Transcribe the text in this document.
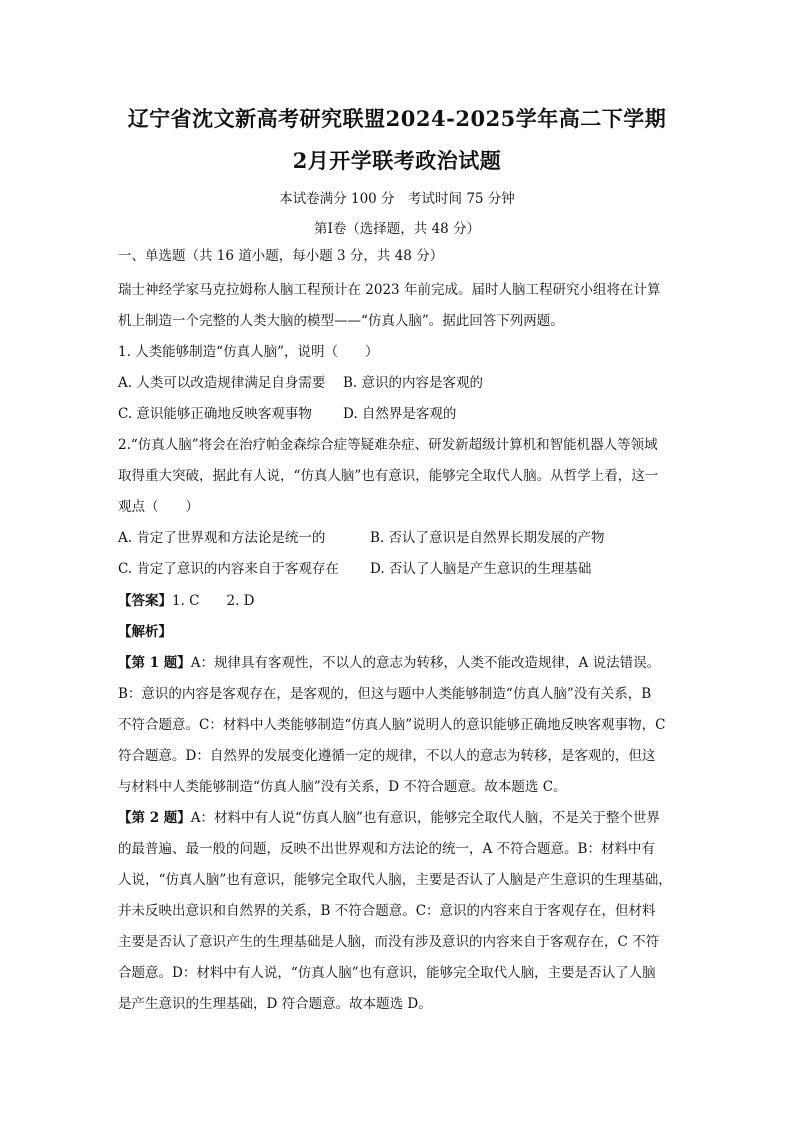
辽宁省沈文新高考研究联盟2024-2025学年高二下学期
2月开学联考政治试题
本试卷满分 100 分　考试时间 75 分钟
第Ⅰ卷（选择题，共 48 分）
一、单选题（共 16 道小题，每小题 3 分，共 48 分）
瑞士神经学家马克拉姆称人脑工程预计在 2023 年前完成。届时人脑工程研究小组将在计算
机上制造一个完整的人类大脑的模型——“仿真人脑”。据此回答下列两题。
1. 人类能够制造“仿真人脑”，说明（　　）
A. 人类可以改造规律满足自身需要 B. 意识的内容是客观的
C. 意识能够正确地反映客观事物 D. 自然界是客观的
2.“仿真人脑”将会在治疗帕金森综合症等疑难杂症、研发新超级计算机和智能机器人等领域
取得重大突破，据此有人说，“仿真人脑”也有意识，能够完全取代人脑。从哲学上看，这一
观点（　　）
A. 肯定了世界观和方法论是统一的	B. 否认了意识是自然界长期发展的产物
C. 肯定了意识的内容来自于客观存在 D. 否认了人脑是产生意识的生理基础
【答案】1. C　　2. D
【解析】
【第 1 题】A：规律具有客观性，不以人的意志为转移，人类不能改造规律，A 说法错误。
B：意识的内容是客观存在，是客观的，但这与题中人类能够制造“仿真人脑”没有关系，B
不符合题意。C：材料中人类能够制造“仿真人脑”说明人的意识能够正确地反映客观事物，C
符合题意。D：自然界的发展变化遵循一定的规律，不以人的意志为转移，是客观的，但这
与材料中人类能够制造“仿真人脑”没有关系，D 不符合题意。故本题选 C。
【第 2 题】A：材料中有人说“仿真人脑”也有意识，能够完全取代人脑，不是关于整个世界
的最普遍、最一般的问题，反映不出世界观和方法论的统一，A 不符合题意。B：材料中有
人说，“仿真人脑”也有意识，能够完全取代人脑，主要是否认了人脑是产生意识的生理基础，
并未反映出意识和自然界的关系，B 不符合题意。C：意识的内容来自于客观存在，但材料
主要是否认了意识产生的生理基础是人脑，而没有涉及意识的内容来自于客观存在，C 不符
合题意。D：材料中有人说，“仿真人脑”也有意识，能够完全取代人脑，主要是否认了人脑
是产生意识的生理基础，D 符合题意。故本题选 D。
